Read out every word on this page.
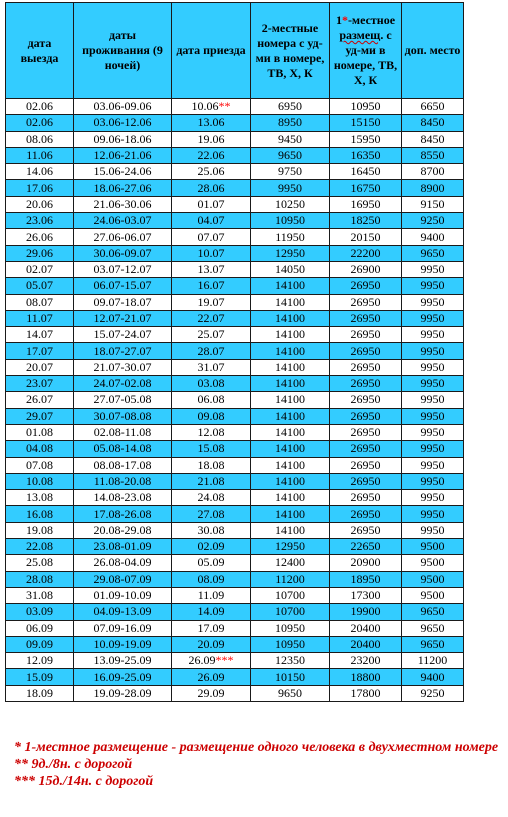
дата выезда	даты проживания (9 ночей)	дата приезда	2-местные номера с уд-ми в номере, ТВ, Х, К	1*-местное размещ. с уд-ми в номере, ТВ, Х, К	доп. место
02.06	03.06-09.06	10.06**	6950	10950	6650
02.06	03.06-12.06	13.06	8950	15150	8450
08.06	09.06-18.06	19.06	9450	15950	8450
11.06	12.06-21.06	22.06	9650	16350	8550
14.06	15.06-24.06	25.06	9750	16450	8700
17.06	18.06-27.06	28.06	9950	16750	8900
20.06	21.06-30.06	01.07	10250	16950	9150
23.06	24.06-03.07	04.07	10950	18250	9250
26.06	27.06-06.07	07.07	11950	20150	9400
29.06	30.06-09.07	10.07	12950	22200	9650
02.07	03.07-12.07	13.07	14050	26900	9950
05.07	06.07-15.07	16.07	14100	26950	9950
08.07	09.07-18.07	19.07	14100	26950	9950
11.07	12.07-21.07	22.07	14100	26950	9950
14.07	15.07-24.07	25.07	14100	26950	9950
17.07	18.07-27.07	28.07	14100	26950	9950
20.07	21.07-30.07	31.07	14100	26950	9950
23.07	24.07-02.08	03.08	14100	26950	9950
26.07	27.07-05.08	06.08	14100	26950	9950
29.07	30.07-08.08	09.08	14100	26950	9950
01.08	02.08-11.08	12.08	14100	26950	9950
04.08	05.08-14.08	15.08	14100	26950	9950
07.08	08.08-17.08	18.08	14100	26950	9950
10.08	11.08-20.08	21.08	14100	26950	9950
13.08	14.08-23.08	24.08	14100	26950	9950
16.08	17.08-26.08	27.08	14100	26950	9950
19.08	20.08-29.08	30.08	14100	26950	9950
22.08	23.08-01.09	02.09	12950	22650	9500
25.08	26.08-04.09	05.09	12400	20900	9500
28.08	29.08-07.09	08.09	11200	18950	9500
31.08	01.09-10.09	11.09	10700	17300	9500
03.09	04.09-13.09	14.09	10700	19900	9650
06.09	07.09-16.09	17.09	10950	20400	9650
09.09	10.09-19.09	20.09	10950	20400	9650
12.09	13.09-25.09	26.09***	12350	23200	11200
15.09	16.09-25.09	26.09	10150	18800	9400
18.09	19.09-28.09	29.09	9650	17800	9250

* 1-местное размещение - размещение одного человека в двухместном номере

** 9д./8н. с дорогой

*** 15д./14н. с дорогой
